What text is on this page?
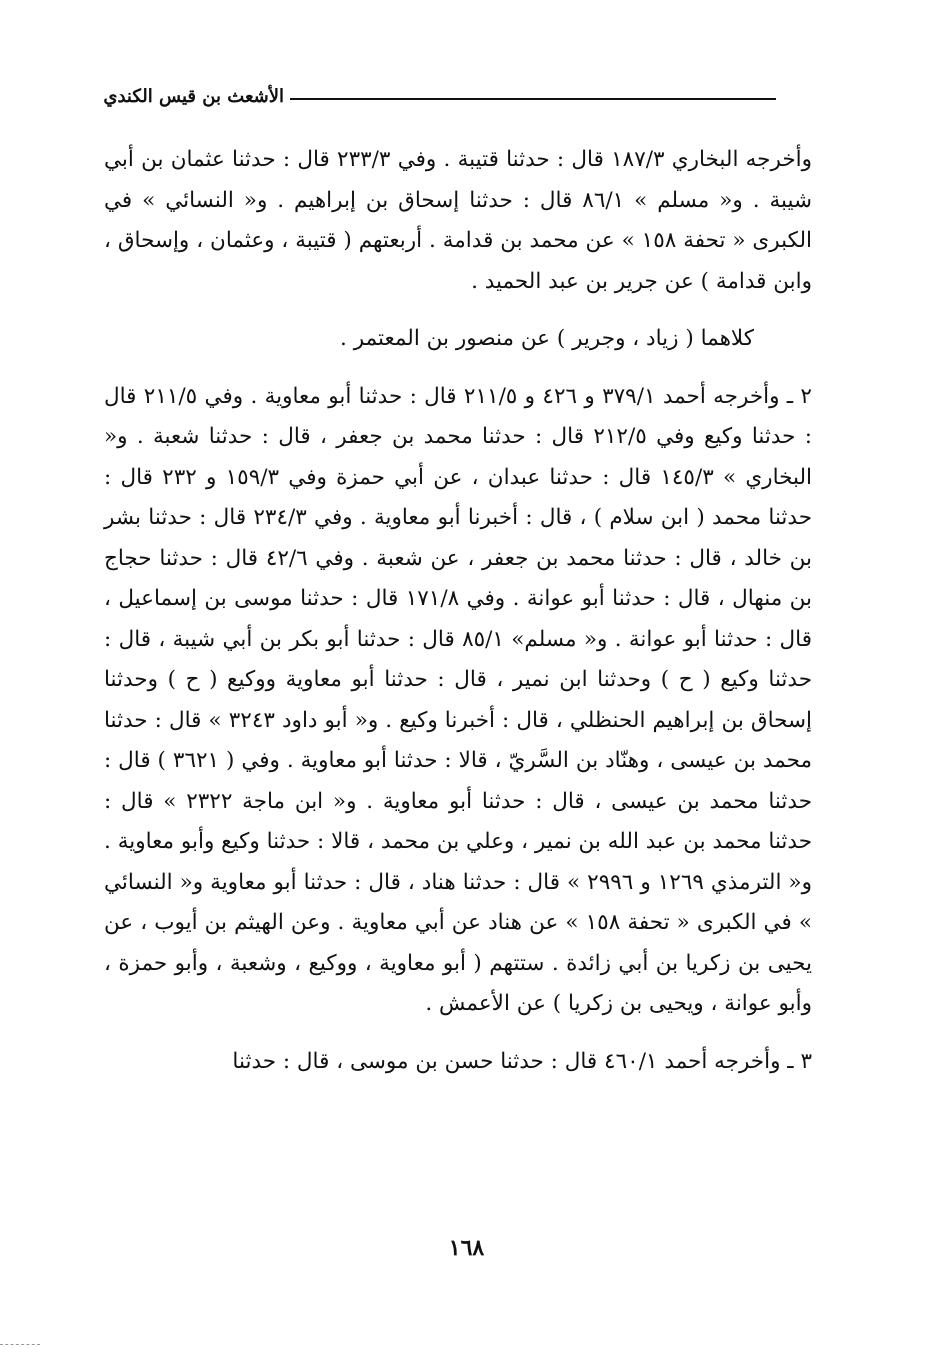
الأشعث بن قيس الكندي

وأخرجه البخاري ١٨٧/٣ قال : حدثنا قتيبة . وفي ٢٣٣/٣ قال : حدثنا عثمان بن أبي شيبة . و« مسلم » ٨٦/١ قال : حدثنا إسحاق بن إبراهيم . و« النسائي » في الكبرى « تحفة ١٥٨ » عن محمد بن قدامة . أربعتهم ( قتيبة ، وعثمان ، وإسحاق ، وابن قدامة ) عن جرير بن عبد الحميد .

كلاهما ( زياد ، وجرير ) عن منصور بن المعتمر .

٢ ـ وأخرجه أحمد ٣٧٩/١ و ٤٢٦ و ٢١١/٥ قال : حدثنا أبو معاوية . وفي ٢١١/٥ قال : حدثنا وكيع وفي ٢١٢/٥ قال : حدثنا محمد بن جعفر ، قال : حدثنا شعبة . و« البخاري » ١٤٥/٣ قال : حدثنا عبدان ، عن أبي حمزة وفي ١٥٩/٣ و ٢٣٢ قال : حدثنا محمد ( ابن سلام ) ، قال : أخبرنا أبو معاوية . وفي ٢٣٤/٣ قال : حدثنا بشر بن خالد ، قال : حدثنا محمد بن جعفر ، عن شعبة . وفي ٤٢/٦ قال : حدثنا حجاج بن منهال ، قال : حدثنا أبو عوانة . وفي ١٧١/٨ قال : حدثنا موسى بن إسماعيل ، قال : حدثنا أبو عوانة . و« مسلم» ٨٥/١ قال : حدثنا أبو بكر بن أبي شيبة ، قال : حدثنا وكيع ( ح ) وحدثنا ابن نمير ، قال : حدثنا أبو معاوية ووكيع ( ح ) وحدثنا إسحاق بن إبراهيم الحنظلي ، قال : أخبرنا وكيع . و« أبو داود ٣٢٤٣ » قال : حدثنا محمد بن عيسى ، وهنّاد بن السَّريّ ، قالا : حدثنا أبو معاوية . وفي ( ٣٦٢١ ) قال : حدثنا محمد بن عيسى ، قال : حدثنا أبو معاوية . و« ابن ماجة ٢٣٢٢ » قال : حدثنا محمد بن عبد الله بن نمير ، وعلي بن محمد ، قالا : حدثنا وكيع وأبو معاوية . و« الترمذي ١٢٦٩ و ٢٩٩٦ » قال : حدثنا هناد ، قال : حدثنا أبو معاوية و« النسائي » في الكبرى « تحفة ١٥٨ » عن هناد عن أبي معاوية . وعن الهيثم بن أيوب ، عن يحيى بن زكريا بن أبي زائدة . ستتهم ( أبو معاوية ، ووكيع ، وشعبة ، وأبو حمزة ، وأبو عوانة ، ويحيى بن زكريا ) عن الأعمش .

٣ ـ وأخرجه أحمد ٤٦٠/١ قال : حدثنا حسن بن موسى ، قال : حدثنا

١٦٨
